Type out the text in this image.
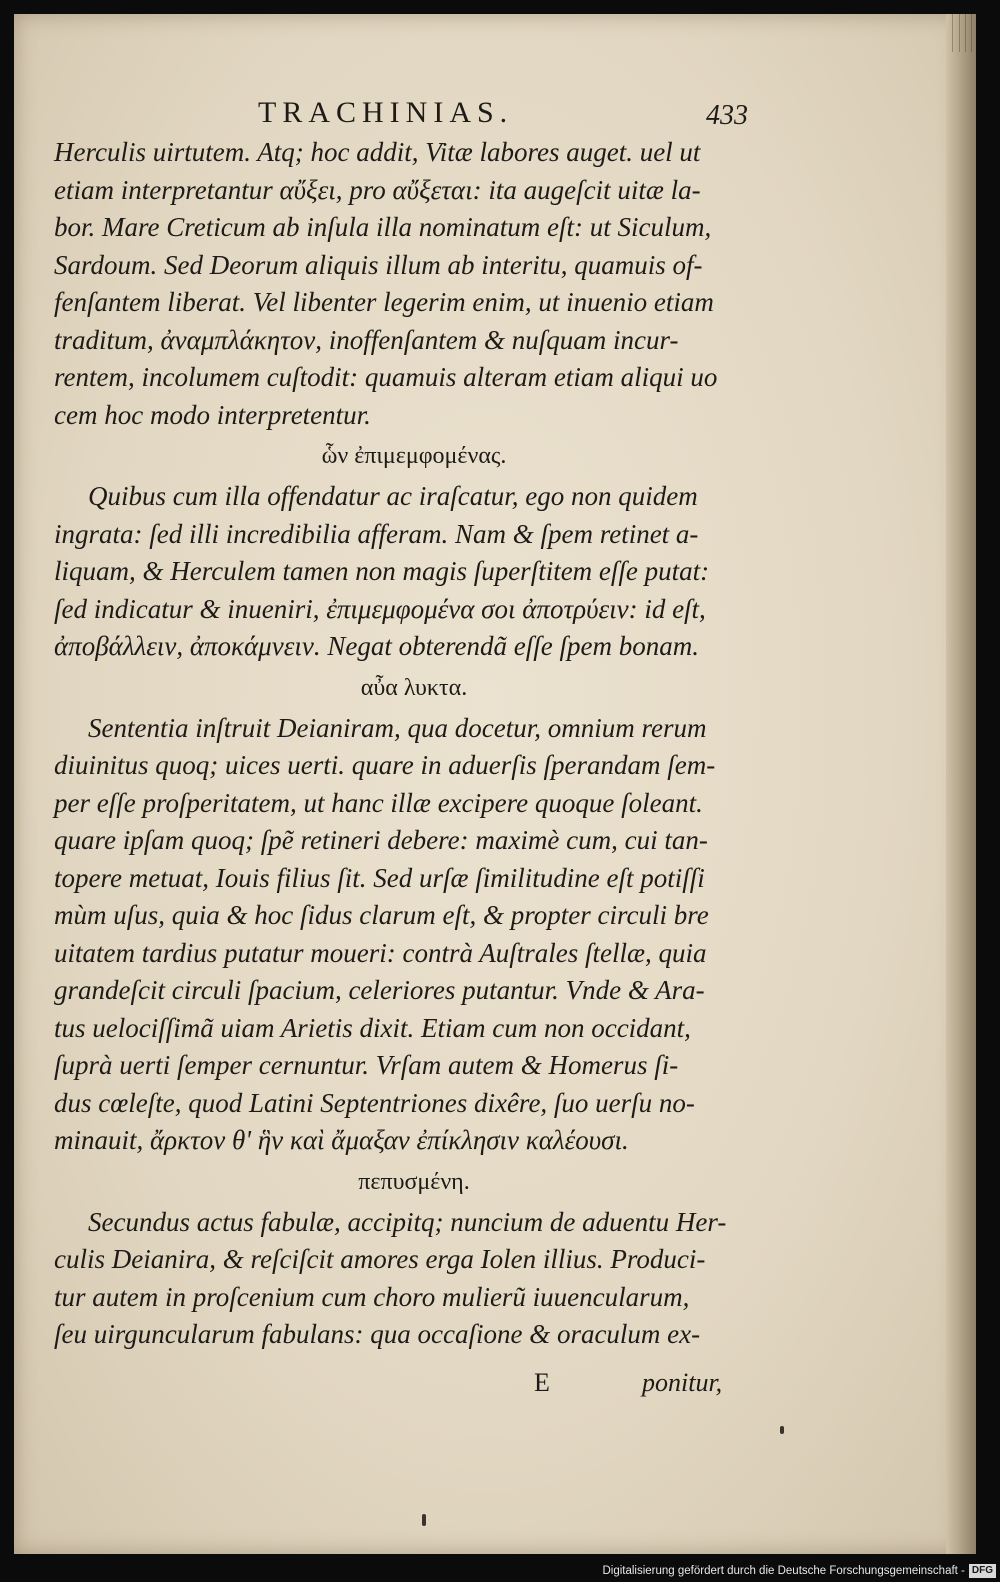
TRACHINIAS.	433
Herculis uirtutem. Atq; hoc addit, Vitæ labores auget. uel ut
etiam interpretantur αὔξει, pro αὔξεται: ita augeſcit uitæ la-
bor. Mare Creticum ab inſula illa nominatum eſt: ut Siculum,
Sardoum. Sed Deorum aliquis illum ab interitu, quamuis of-
fenſantem liberat. Vel libenter legerim enim, ut inuenio etiam
traditum, ἀναμπλάκητον, inoffenſantem & nuſquam incur-
rentem, incolumem cuſtodit: quamuis alteram etiam aliqui uo
cem hoc modo interpretentur.
ὧν ἐπιμεμφομένας.
Quibus cum illa offendatur ac iraſcatur, ego non quidem
ingrata: ſed illi incredibilia afferam. Nam & ſpem retinet a-
liquam, & Herculem tamen non magis ſuperſtitem eſſe putat:
ſed indicatur & inueniri, ἐπιμεμφομένα σοι ἀποτρύειν: id eſt,
ἀποβάλλειν, ἀποκάμνειν. Negat obterendã eſſe ſpem bonam.
αὖα λυκτα.
Sententia inſtruit Deianiram, qua docetur, omnium rerum
diuinitus quoq; uices uerti. quare in aduerſis ſperandam ſem-
per eſſe proſperitatem, ut hanc illæ excipere quoque ſoleant.
quare ipſam quoq; ſpẽ retineri debere: maximè cum, cui tan-
topere metuat, Iouis filius ſit. Sed urſæ ſimilitudine eſt potiſſi
mùm uſus, quia & hoc ſidus clarum eſt, & propter circuli bre
uitatem tardius putatur moueri: contrà Auſtrales ſtellæ, quia
grandeſcit circuli ſpacium, celeriores putantur. Vnde & Ara-
tus uelociſſimã uiam Arietis dixit. Etiam cum non occidant,
ſuprà uerti ſemper cernuntur. Vrſam autem & Homerus ſi-
dus cœleſte, quod Latini Septentriones dixêre, ſuo uerſu no-
minauit, ἄρκτον θ' ἣν καὶ ἄμαξαν ἐπίκλησιν καλέουσι.
πεπυσμένη.
Secundus actus fabulæ, accipitq; nuncium de aduentu Her-
culis Deianira, & reſciſcit amores erga Iolen illius. Produci-
tur autem in proſcenium cum choro mulierũ iuuencularum,
ſeu uirguncularum fabulans: qua occaſione & oraculum ex-
E	ponitur,
Digitalisierung gefördert durch die Deutsche Forschungsgemeinschaft - DFG
